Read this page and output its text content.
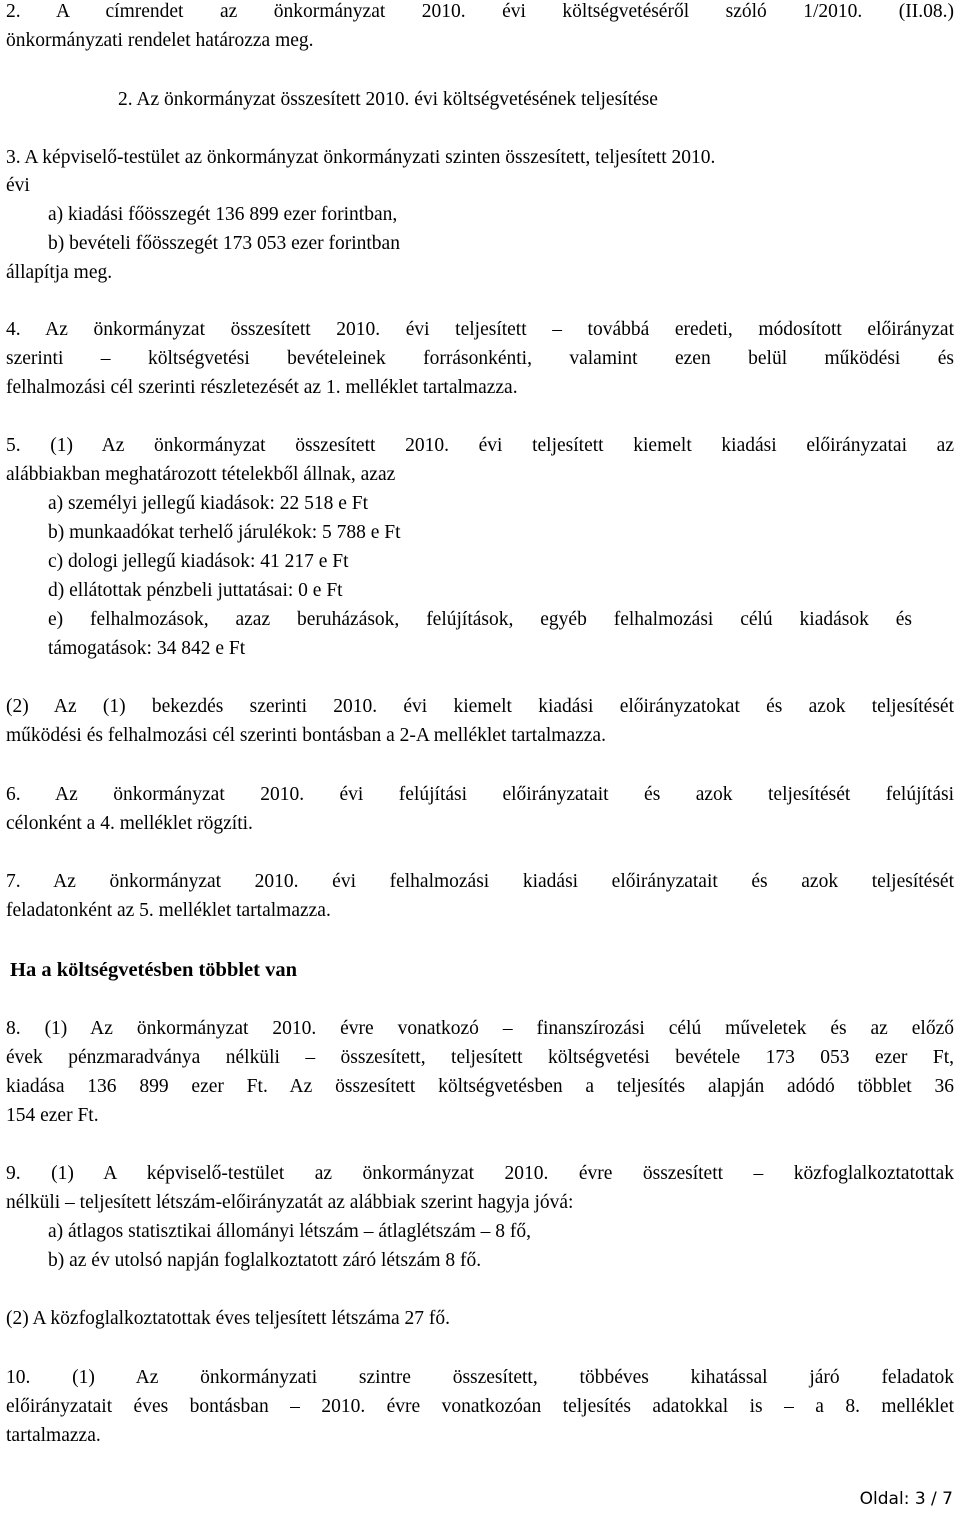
2. A címrendet az önkormányzat 2010. évi költségvetéséről szóló 1/2010. (II.08.)
önkormányzati rendelet határozza meg.
2. Az önkormányzat összesített 2010. évi költségvetésének teljesítése
3. A képviselő-testület az önkormányzat önkormányzati szinten összesített, teljesített 2010.
évi
a) kiadási főösszegét 136 899 ezer forintban,
b) bevételi főösszegét 173 053 ezer forintban
állapítja meg.
4. Az önkormányzat összesített 2010. évi teljesített – továbbá eredeti, módosított előirányzat
szerinti – költségvetési bevételeinek forrásonkénti, valamint ezen belül működési és
felhalmozási cél szerinti részletezését az 1. melléklet tartalmazza.
5. (1) Az önkormányzat összesített 2010. évi teljesített kiemelt kiadási előirányzatai az
alábbiakban meghatározott tételekből állnak, azaz
a) személyi jellegű kiadások: 22 518 e Ft
b) munkaadókat terhelő járulékok: 5 788 e Ft
c) dologi jellegű kiadások: 41 217 e Ft
d) ellátottak pénzbeli juttatásai: 0 e Ft
e) felhalmozások, azaz beruházások, felújítások, egyéb felhalmozási célú kiadások és
támogatások: 34 842 e Ft
(2) Az (1) bekezdés szerinti 2010. évi kiemelt kiadási előirányzatokat és azok teljesítését
működési és felhalmozási cél szerinti bontásban a 2-A melléklet tartalmazza.
6. Az önkormányzat 2010. évi felújítási előirányzatait és azok teljesítését felújítási
célonként a 4. melléklet rögzíti.
7. Az önkormányzat 2010. évi felhalmozási kiadási előirányzatait és azok teljesítését
feladatonként az 5. melléklet tartalmazza.
Ha a költségvetésben többlet van
8. (1) Az önkormányzat 2010. évre vonatkozó – finanszírozási célú műveletek és az előző
évek pénzmaradványa nélküli – összesített, teljesített költségvetési bevétele 173 053 ezer Ft,
kiadása 136 899 ezer Ft. Az összesített költségvetésben a teljesítés alapján adódó többlet 36
154 ezer Ft.
9. (1) A képviselő-testület az önkormányzat 2010. évre összesített – közfoglalkoztatottak
nélküli – teljesített létszám-előirányzatát az alábbiak szerint hagyja jóvá:
a) átlagos statisztikai állományi létszám – átlaglétszám – 8 fő,
b) az év utolsó napján foglalkoztatott záró létszám 8 fő.
(2) A közfoglalkoztatottak éves teljesített létszáma 27 fő.
10. (1) Az önkormányzati szintre összesített, többéves kihatással járó feladatok
előirányzatait éves bontásban – 2010. évre vonatkozóan teljesítés adatokkal is – a 8. melléklet
tartalmazza.
Oldal: 3 / 7
